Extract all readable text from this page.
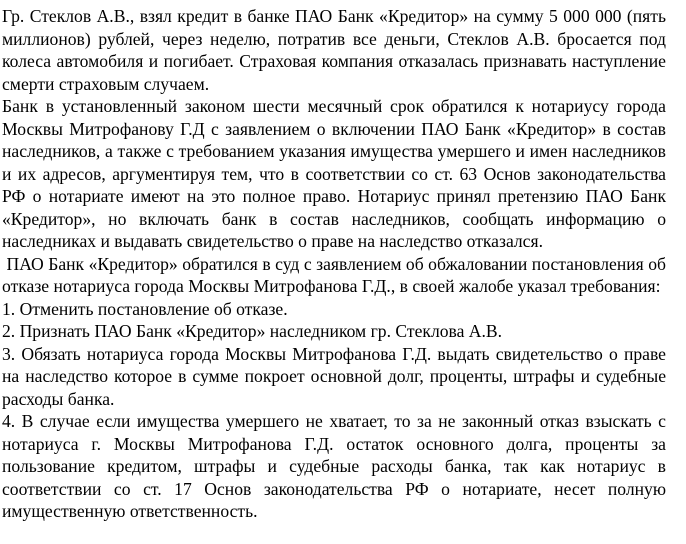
Гр. Стеклов А.В., взял кредит в банке ПАО Банк «Кредитор» на сумму 5 000 000 (пять миллионов) рублей, через неделю, потратив все деньги, Стеклов А.В. бросается под колеса автомобиля и погибает. Страховая компания отказалась признавать наступление смерти страховым случаем.

Банк в установленный законом шести месячный срок обратился к нотариусу города Москвы Митрофанову Г.Д с заявлением о включении ПАО Банк «Кредитор» в состав наследников, а также с требованием указания имущества умершего и имен наследников и их адресов, аргументируя тем, что в соответствии со ст. 63 Основ законодательства РФ о нотариате имеют на это полное право. Нотариус принял претензию ПАО Банк «Кредитор», но включать банк в состав наследников, сообщать информацию о наследниках и выдавать свидетельство о праве на наследство отказался.

ПАО Банк «Кредитор» обратился в суд с заявлением об обжаловании постановления об отказе нотариуса города Москвы Митрофанова Г.Д., в своей жалобе указал требования:

1. Отменить постановление об отказе.

2. Признать ПАО Банк «Кредитор» наследником гр. Стеклова А.В.

3. Обязать нотариуса города Москвы Митрофанова Г.Д. выдать свидетельство о праве на наследство которое в сумме покроет основной долг, проценты, штрафы и судебные расходы банка.

4. В случае если имущества умершего не хватает, то за не законный отказ взыскать с нотариуса г. Москвы Митрофанова Г.Д. остаток основного долга, проценты за пользование кредитом, штрафы и судебные расходы банка, так как нотариус в соответствии со ст. 17 Основ законодательства РФ о нотариате, несет полную имущественную ответственность.
